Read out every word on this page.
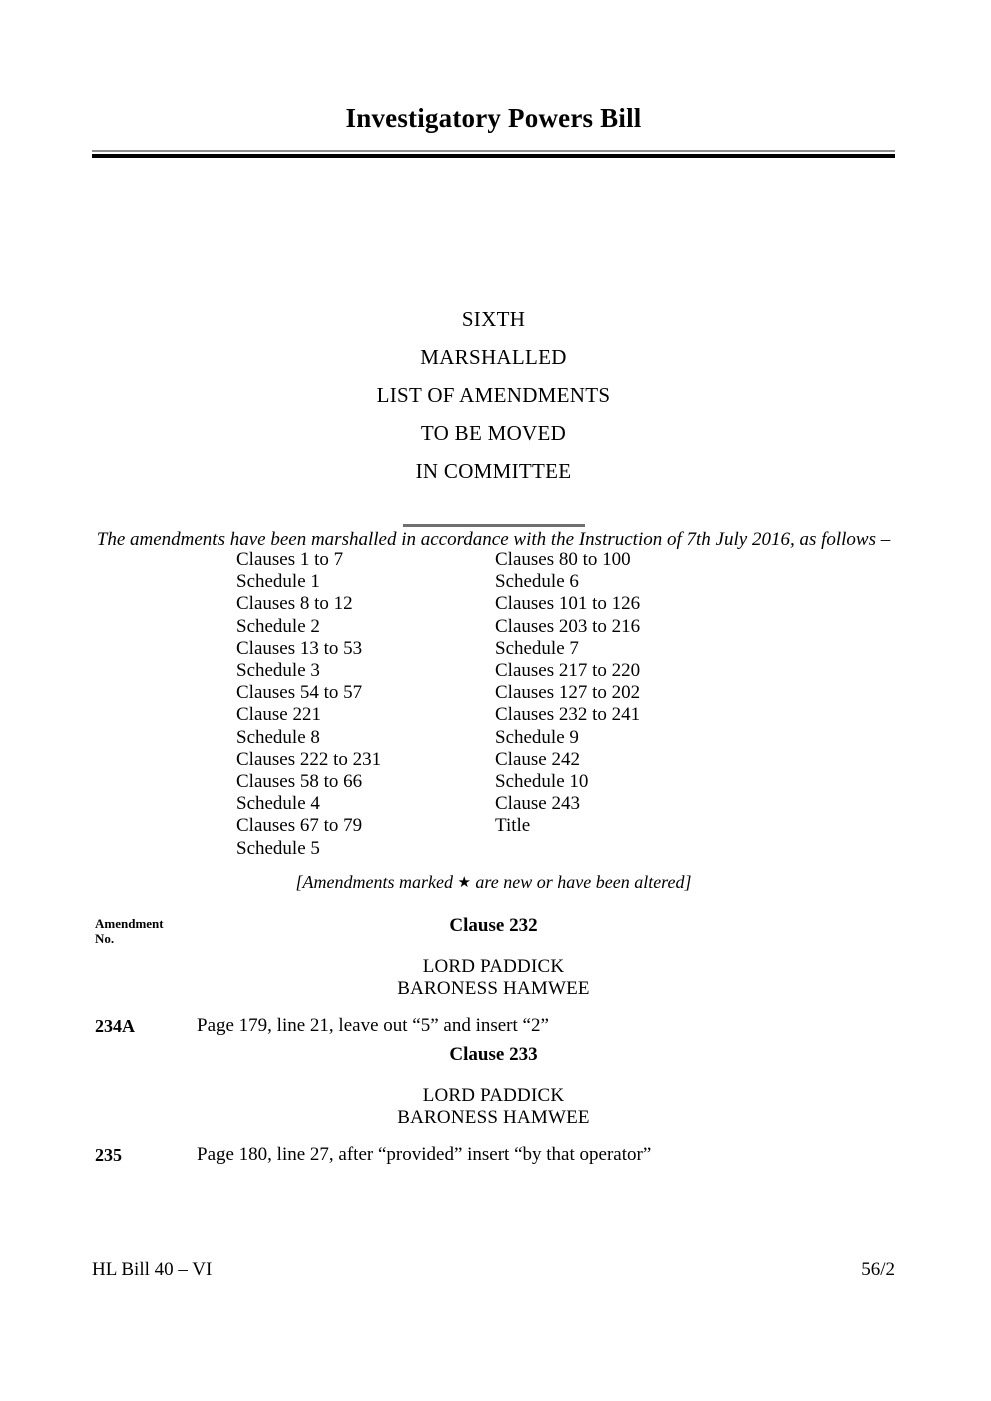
Investigatory Powers Bill
SIXTH
MARSHALLED
LIST OF AMENDMENTS
TO BE MOVED
IN COMMITTEE
The amendments have been marshalled in accordance with the Instruction of 7th July 2016, as follows –
Clauses 1 to 7
Schedule 1
Clauses 8 to 12
Schedule 2
Clauses 13 to 53
Schedule 3
Clauses 54 to 57
Clause 221
Schedule 8
Clauses 222 to 231
Clauses 58 to 66
Schedule 4
Clauses 67 to 79
Schedule 5
Clauses 80 to 100
Schedule 6
Clauses 101 to 126
Clauses 203 to 216
Schedule 7
Clauses 217 to 220
Clauses 127 to 202
Clauses 232 to 241
Schedule 9
Clause 242
Schedule 10
Clause 243
Title
[Amendments marked ★ are new or have been altered]
Amendment
No.
Clause 232
LORD PADDICK
BARONESS HAMWEE
234A	Page 179, line 21, leave out “5” and insert “2”
Clause 233
LORD PADDICK
BARONESS HAMWEE
235	Page 180, line 27, after “provided” insert “by that operator”
HL Bill 40 – VI	56/2
